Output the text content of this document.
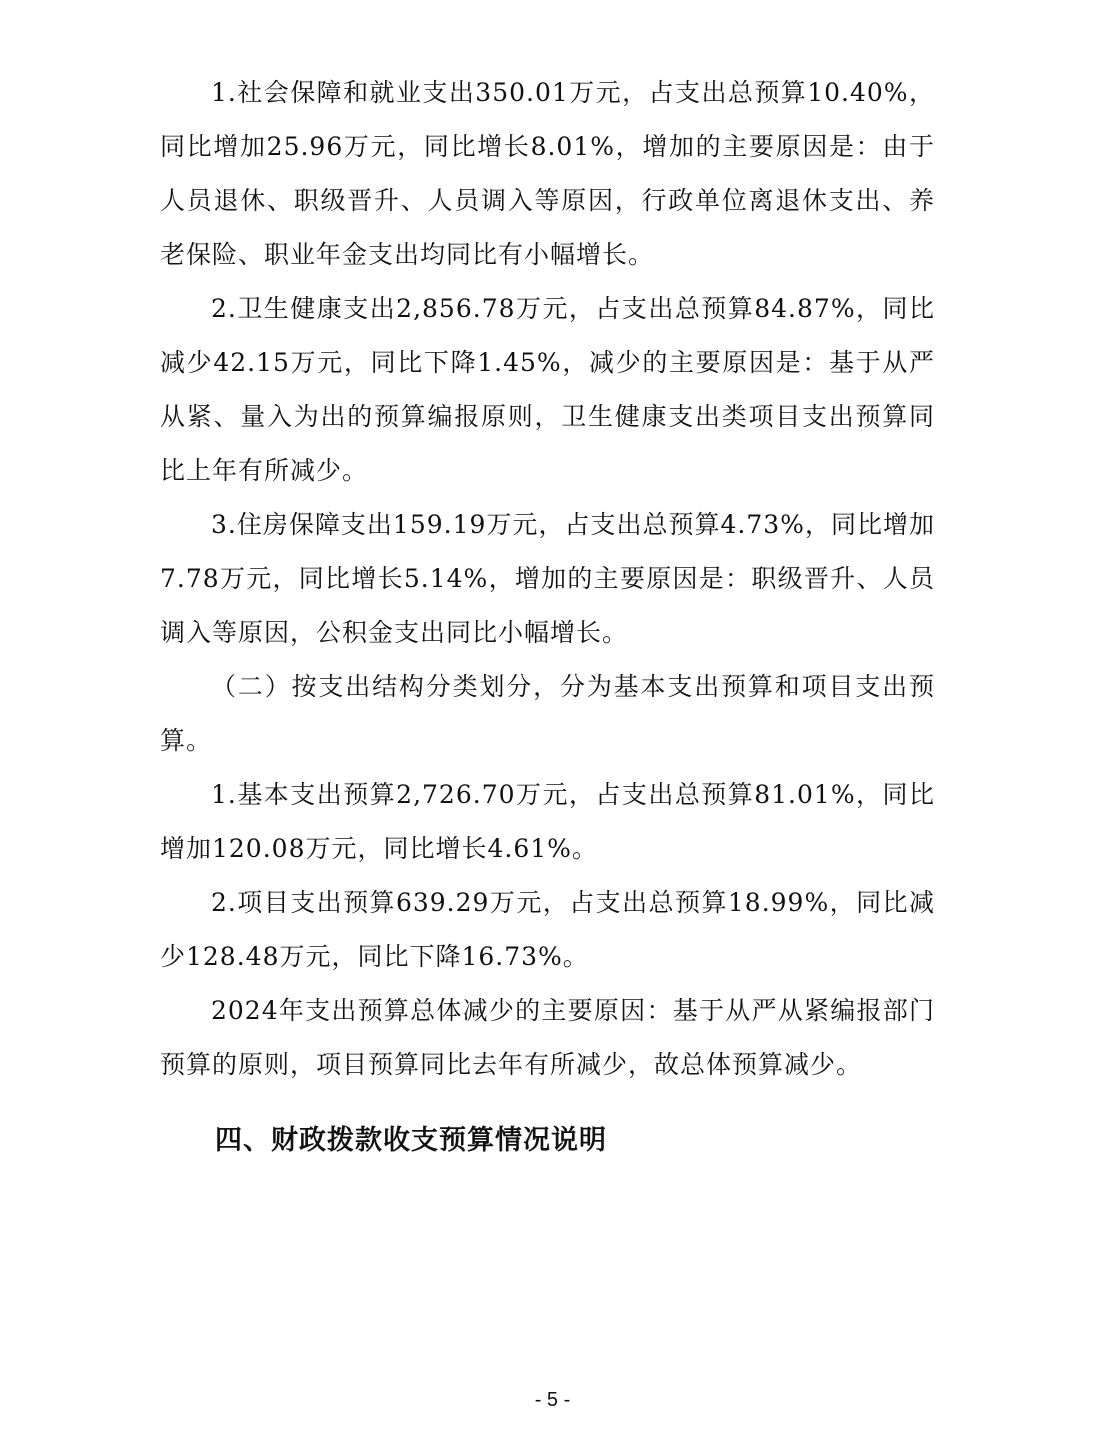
1.社会保障和就业支出350.01万元，占支出总预算10.40%，同比增加25.96万元，同比增长8.01%，增加的主要原因是：由于人员退休、职级晋升、人员调入等原因，行政单位离退休支出、养老保险、职业年金支出均同比有小幅增长。

2.卫生健康支出2,856.78万元，占支出总预算84.87%，同比减少42.15万元，同比下降1.45%，减少的主要原因是：基于从严从紧、量入为出的预算编报原则，卫生健康支出类项目支出预算同比上年有所减少。

3.住房保障支出159.19万元，占支出总预算4.73%，同比增加7.78万元，同比增长5.14%，增加的主要原因是：职级晋升、人员调入等原因，公积金支出同比小幅增长。

（二）按支出结构分类划分，分为基本支出预算和项目支出预算。

1.基本支出预算2,726.70万元，占支出总预算81.01%，同比增加120.08万元，同比增长4.61%。

2.项目支出预算639.29万元，占支出总预算18.99%，同比减少128.48万元，同比下降16.73%。

2024年支出预算总体减少的主要原因：基于从严从紧编报部门预算的原则，项目预算同比去年有所减少，故总体预算减少。

四、财政拨款收支预算情况说明
- 5 -
